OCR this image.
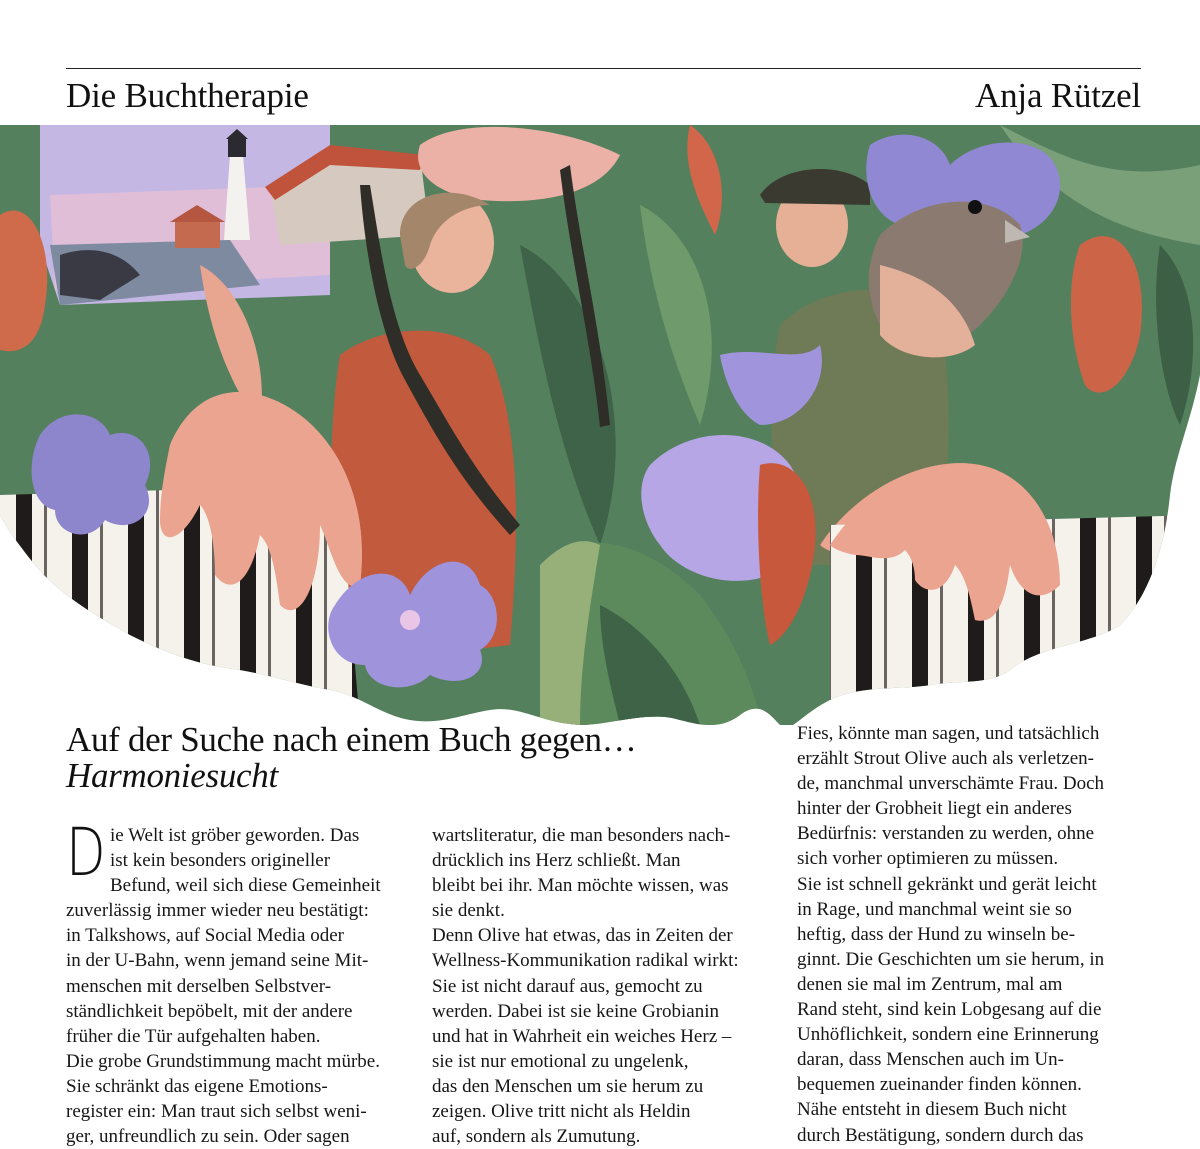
Die Buchtherapie	Anja Rützel
Auf der Suche nach einem Buch gegen…
Harmoniesucht
D ie Welt ist gröber geworden. Das
ist kein besonders origineller
Befund, weil sich diese Gemeinheit
zuverlässig immer wieder neu bestätigt:
in Talkshows, auf Social Media oder
in der U-Bahn, wenn jemand seine Mit-
menschen mit derselben Selbstver-
ständlichkeit bepöbelt, mit der andere
früher die Tür aufgehalten haben.
Die grobe Grundstimmung macht mürbe.
Sie schränkt das eigene Emotions-
register ein: Man traut sich selbst weni-
ger, unfreundlich zu sein. Oder sagen
wartsliteratur, die man besonders nach-
drücklich ins Herz schließt. Man
bleibt bei ihr. Man möchte wissen, was
sie denkt.
Denn Olive hat etwas, das in Zeiten der
Wellness-Kommunikation radikal wirkt:
Sie ist nicht darauf aus, gemocht zu
werden. Dabei ist sie keine Grobianin
und hat in Wahrheit ein weiches Herz –
sie ist nur emotional zu ungelenk,
das den Menschen um sie herum zu
zeigen. Olive tritt nicht als Heldin
auf, sondern als Zumutung.
Fies, könnte man sagen, und tatsächlich
erzählt Strout Olive auch als verletzen-
de, manchmal unverschämte Frau. Doch
hinter der Grobheit liegt ein anderes
Bedürfnis: verstanden zu werden, ohne
sich vorher optimieren zu müssen.
Sie ist schnell gekränkt und gerät leicht
in Rage, und manchmal weint sie so
heftig, dass der Hund zu winseln be-
ginnt. Die Geschichten um sie herum, in
denen sie mal im Zentrum, mal am
Rand steht, sind kein Lobgesang auf die
Unhöflichkeit, sondern eine Erinnerung
daran, dass Menschen auch im Un-
bequemen zueinander finden können.
Nähe entsteht in diesem Buch nicht
durch Bestätigung, sondern durch das
